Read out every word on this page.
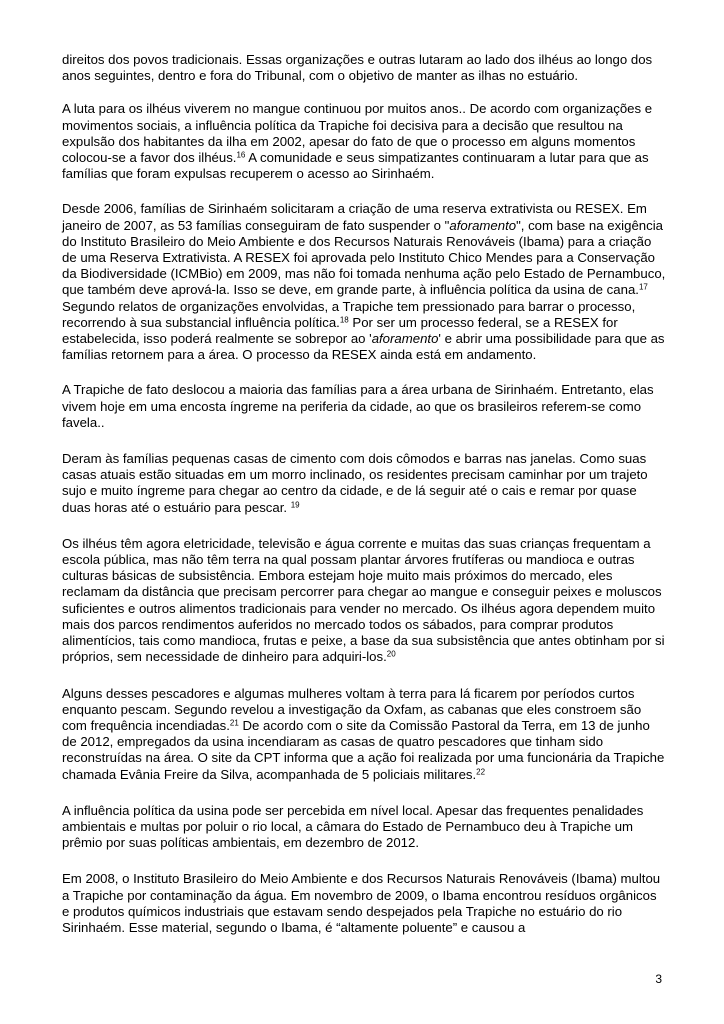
direitos dos povos tradicionais. Essas organizações e outras lutaram ao lado dos ilhéus ao longo dos anos seguintes, dentro e fora do Tribunal, com o objetivo de manter as ilhas no estuário.

A luta para os ilhéus viverem no mangue continuou por muitos anos.. De acordo com organizações e movimentos sociais, a influência política da Trapiche foi decisiva para a decisão que resultou na expulsão dos habitantes da ilha em 2002, apesar do fato de que o processo em alguns momentos colocou-se a favor dos ilhéus.$^{16}$ A comunidade e seus simpatizantes continuaram a lutar para que as famílias que foram expulsas recuperem o acesso ao Sirinhaém.

Desde 2006, famílias de Sirinhaém solicitaram a criação de uma reserva extrativista ou RESEX. Em janeiro de 2007, as 53 famílias conseguiram de fato suspender o "aforamento", com base na exigência do Instituto Brasileiro do Meio Ambiente e dos Recursos Naturais Renováveis (Ibama) para a criação de uma Reserva Extrativista. A RESEX foi aprovada pelo Instituto Chico Mendes para a Conservação da Biodiversidade (ICMBio) em 2009, mas não foi tomada nenhuma ação pelo Estado de Pernambuco, que também deve aprová-la. Isso se deve, em grande parte, à influência política da usina de cana.$^{17}$ Segundo relatos de organizações envolvidas, a Trapiche tem pressionado para barrar o processo, recorrendo à sua substancial influência política.$^{18}$ Por ser um processo federal, se a RESEX for estabelecida, isso poderá realmente se sobrepor ao 'aforamento' e abrir uma possibilidade para que as famílias retornem para a área. O processo da RESEX ainda está em andamento.

A Trapiche de fato deslocou a maioria das famílias para a área urbana de Sirinhaém. Entretanto, elas vivem hoje em uma encosta íngreme na periferia da cidade, ao que os brasileiros referem-se como favela..

Deram às famílias pequenas casas de cimento com dois cômodos e barras nas janelas. Como suas casas atuais estão situadas em um morro inclinado, os residentes precisam caminhar por um trajeto sujo e muito íngreme para chegar ao centro da cidade, e de lá seguir até o cais e remar por quase duas horas até o estuário para pescar. $^{19}$

Os ilhéus têm agora eletricidade, televisão e água corrente e muitas das suas crianças frequentam a escola pública, mas não têm terra na qual possam plantar árvores frutíferas ou mandioca e outras culturas básicas de subsistência. Embora estejam hoje muito mais próximos do mercado, eles reclamam da distância que precisam percorrer para chegar ao mangue e conseguir peixes e moluscos suficientes e outros alimentos tradicionais para vender no mercado. Os ilhéus agora dependem muito mais dos parcos rendimentos auferidos no mercado todos os sábados, para comprar produtos alimentícios, tais como mandioca, frutas e peixe, a base da sua subsistência que antes obtinham por si próprios, sem necessidade de dinheiro para adquiri-los.$^{20}$

Alguns desses pescadores e algumas mulheres voltam à terra para lá ficarem por períodos curtos enquanto pescam. Segundo revelou a investigação da Oxfam, as cabanas que eles constroem são com frequência incendiadas.$^{21}$ De acordo com o site da Comissão Pastoral da Terra, em 13 de junho de 2012, empregados da usina incendiaram as casas de quatro pescadores que tinham sido reconstruídas na área. O site da CPT informa que a ação foi realizada por uma funcionária da Trapiche chamada Evânia Freire da Silva, acompanhada de 5 policiais militares.$^{22}$

A influência política da usina pode ser percebida em nível local. Apesar das frequentes penalidades ambientais e multas por poluir o rio local, a câmara do Estado de Pernambuco deu à Trapiche um prêmio por suas políticas ambientais, em dezembro de 2012.

Em 2008, o Instituto Brasileiro do Meio Ambiente e dos Recursos Naturais Renováveis (Ibama) multou a Trapiche por contaminação da água. Em novembro de 2009, o Ibama encontrou resíduos orgânicos e produtos químicos industriais que estavam sendo despejados pela Trapiche no estuário do rio Sirinhaém. Esse material, segundo o Ibama, é “altamente poluente” e causou a

3
